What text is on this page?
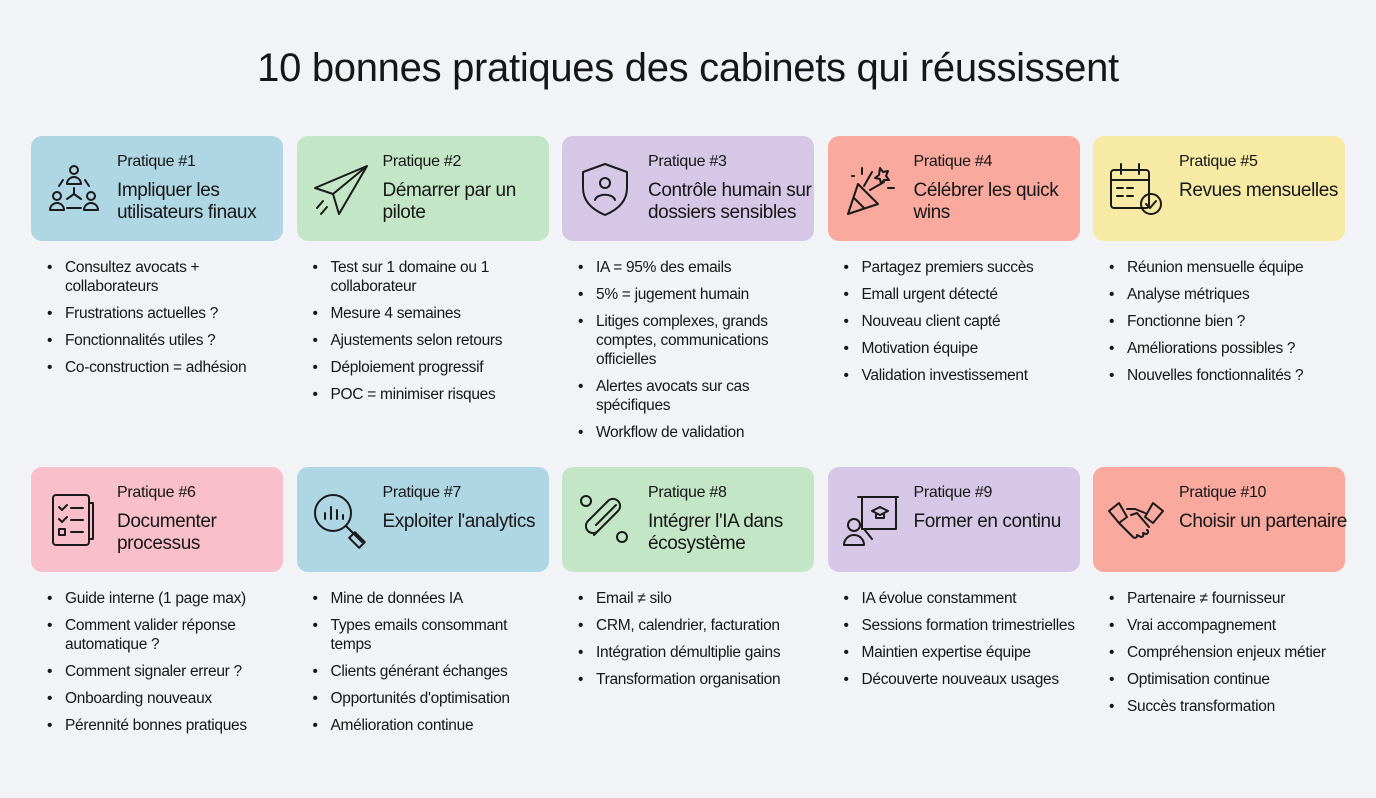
10 bonnes pratiques des cabinets qui réussissent
Pratique #1
Impliquer les utilisateurs finaux
• Consultez avocats + collaborateurs
• Frustrations actuelles ?
• Fonctionnalités utiles ?
• Co-construction = adhésion
Pratique #2
Démarrer par un pilote
• Test sur 1 domaine ou 1 collaborateur
• Mesure 4 semaines
• Ajustements selon retours
• Déploiement progressif
• POC = minimiser risques
Pratique #3
Contrôle humain sur dossiers sensibles
• IA = 95% des emails
• 5% = jugement humain
• Litiges complexes, grands comptes, communications officielles
• Alertes avocats sur cas spécifiques
• Workflow de validation
Pratique #4
Célébrer les quick wins
• Partagez premiers succès
• Emall urgent détecté
• Nouveau client capté
• Motivation équipe
• Validation investissement
Pratique #5
Revues mensuelles
• Réunion mensuelle équipe
• Analyse métriques
• Fonctionne bien ?
• Améliorations possibles ?
• Nouvelles fonctionnalités ?
Pratique #6
Documenter processus
• Guide interne (1 page max)
• Comment valider réponse automatique ?
• Comment signaler erreur ?
• Onboarding nouveaux
• Pérennité bonnes pratiques
Pratique #7
Exploiter l'analytics
• Mine de données IA
• Types emails consommant temps
• Clients générant échanges
• Opportunités d'optimisation
• Amélioration continue
Pratique #8
Intégrer l'IA dans écosystème
• Email ≠ silo
• CRM, calendrier, facturation
• Intégration démultiplie gains
• Transformation organisation
Pratique #9
Former en continu
• IA évolue constamment
• Sessions formation trimestrielles
• Maintien expertise équipe
• Découverte nouveaux usages
Pratique #10
Choisir un partenaire
• Partenaire ≠ fournisseur
• Vrai accompagnement
• Compréhension enjeux métier
• Optimisation continue
• Succès transformation
